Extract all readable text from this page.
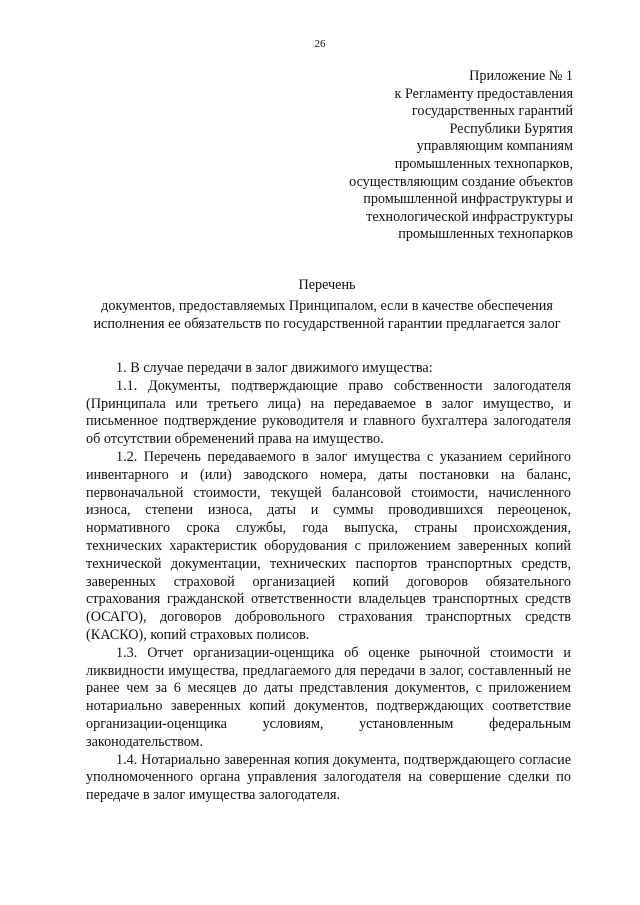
26
Приложение № 1
к Регламенту предоставления
государственных гарантий
Республики Бурятия
управляющим компаниям
промышленных технопарков,
осуществляющим создание объектов
промышленной инфраструктуры и
технологической инфраструктуры
промышленных технопарков
Перечень
документов, предоставляемых Принципалом, если в качестве обеспечения исполнения ее обязательств по государственной гарантии предлагается залог

1. В случае передачи в залог движимого имущества:

1.1. Документы, подтверждающие право собственности залогодателя (Принципала или третьего лица) на передаваемое в залог имущество, и письменное подтверждение руководителя и главного бухгалтера залогодателя об отсутствии обременений права на имущество.

1.2. Перечень передаваемого в залог имущества с указанием серийного инвентарного и (или) заводского номера, даты постановки на баланс, первоначальной стоимости, текущей балансовой стоимости, начисленного износа, степени износа, даты и суммы проводившихся переоценок, нормативного срока службы, года выпуска, страны происхождения, технических характеристик оборудования с приложением заверенных копий технической документации, технических паспортов транспортных средств, заверенных страховой организацией копий договоров обязательного страхования гражданской ответственности владельцев транспортных средств (ОСАГО), договоров добровольного страхования транспортных средств (КАСКО), копий страховых полисов.

1.3. Отчет организации-оценщика об оценке рыночной стоимости и ликвидности имущества, предлагаемого для передачи в залог, составленный не ранее чем за 6 месяцев до даты представления документов, с приложением нотариально заверенных копий документов, подтверждающих соответствие организации-оценщика условиям, установленным федеральным законодательством.

1.4. Нотариально заверенная копия документа, подтверждающего согласие уполномоченного органа управления залогодателя на совершение сделки по передаче в залог имущества залогодателя.
